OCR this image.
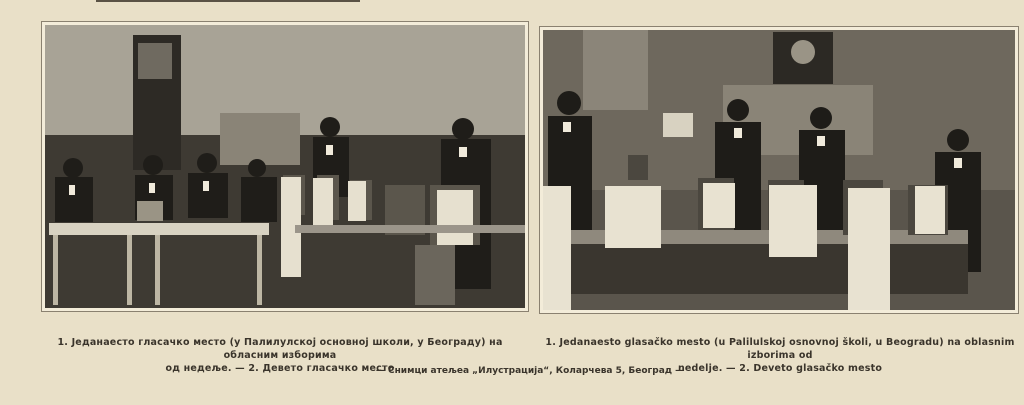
1. Једанаесто гласачко место (у Палилулској основној школи, у Београду) на обласним изборима
од недеље. — 2. Девето гласачко место
1. Jedanaesto glasačko mesto (u Palilulskoj osnovnoj školi, u Beogradu) na oblasnim izborima od
nedelje. — 2. Deveto glasačko mesto
— Снимци атељеа „Илустрација“, Коларчева 5, Београд —
